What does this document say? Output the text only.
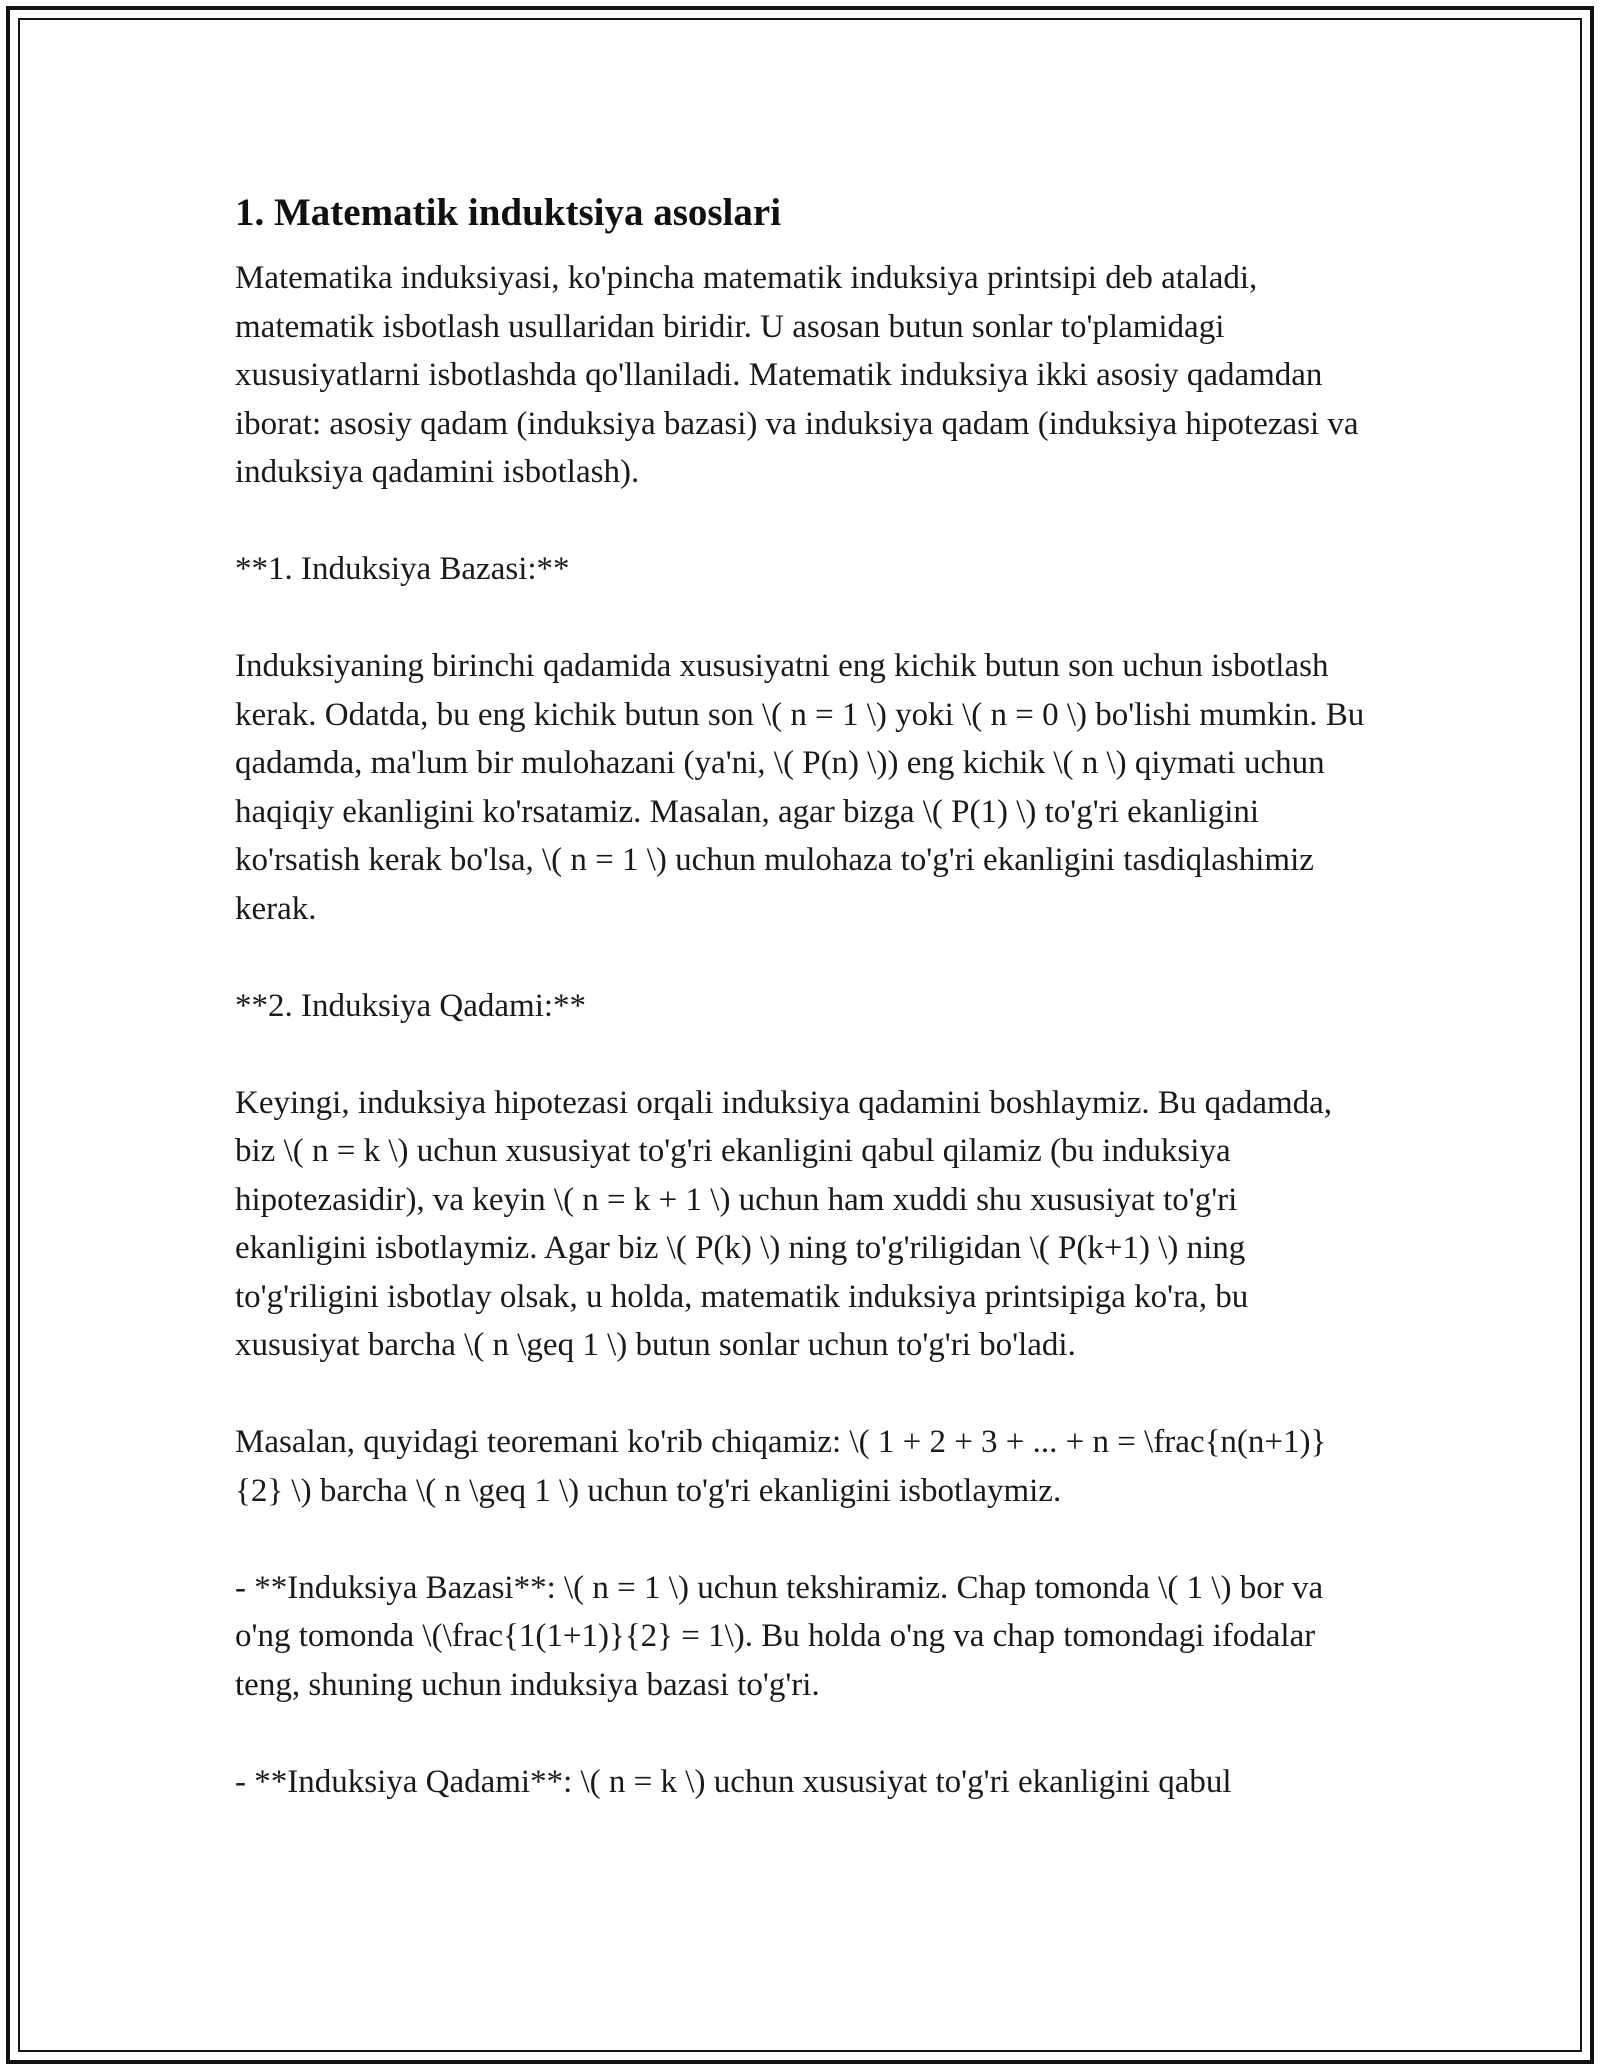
1. Matematik induktsiya asoslari

Matematika induksiyasi, ko'pincha matematik induksiya printsipi deb ataladi, matematik isbotlash usullaridan biridir. U asosan butun sonlar to'plamidagi xususiyatlarni isbotlashda qo'llaniladi. Matematik induksiya ikki asosiy qadamdan iborat: asosiy qadam (induksiya bazasi) va induksiya qadam (induksiya hipotezasi va induksiya qadamini isbotlash).

**1. Induksiya Bazasi:**

Induksiyaning birinchi qadamida xususiyatni eng kichik butun son uchun isbotlash kerak. Odatda, bu eng kichik butun son \( n = 1 \) yoki \( n = 0 \) bo'lishi mumkin. Bu qadamda, ma'lum bir mulohazani (ya'ni, \( P(n) \)) eng kichik \( n \) qiymati uchun haqiqiy ekanligini ko'rsatamiz. Masalan, agar bizga \( P(1) \) to'g'ri ekanligini ko'rsatish kerak bo'lsa, \( n = 1 \) uchun mulohaza to'g'ri ekanligini tasdiqlashimiz kerak.

**2. Induksiya Qadami:**

Keyingi, induksiya hipotezasi orqali induksiya qadamini boshlaymiz. Bu qadamda, biz \( n = k \) uchun xususiyat to'g'ri ekanligini qabul qilamiz (bu induksiya hipotezasidir), va keyin \( n = k + 1 \) uchun ham xuddi shu xususiyat to'g'ri ekanligini isbotlaymiz. Agar biz \( P(k) \) ning to'g'riligidan \( P(k+1) \) ning to'g'riligini isbotlay olsak, u holda, matematik induksiya printsipiga ko'ra, bu xususiyat barcha \( n \geq 1 \) butun sonlar uchun to'g'ri bo'ladi.

Masalan, quyidagi teoremani ko'rib chiqamiz: \( 1 + 2 + 3 + ... + n = \frac{n(n+1)}{2} \) barcha \( n \geq 1 \) uchun to'g'ri ekanligini isbotlaymiz.

- **Induksiya Bazasi**: \( n = 1 \) uchun tekshiramiz. Chap tomonda \( 1 \) bor va o'ng tomonda \(\frac{1(1+1)}{2} = 1\). Bu holda o'ng va chap tomondagi ifodalar teng, shuning uchun induksiya bazasi to'g'ri.

- **Induksiya Qadami**: \( n = k \) uchun xususiyat to'g'ri ekanligini qabul
